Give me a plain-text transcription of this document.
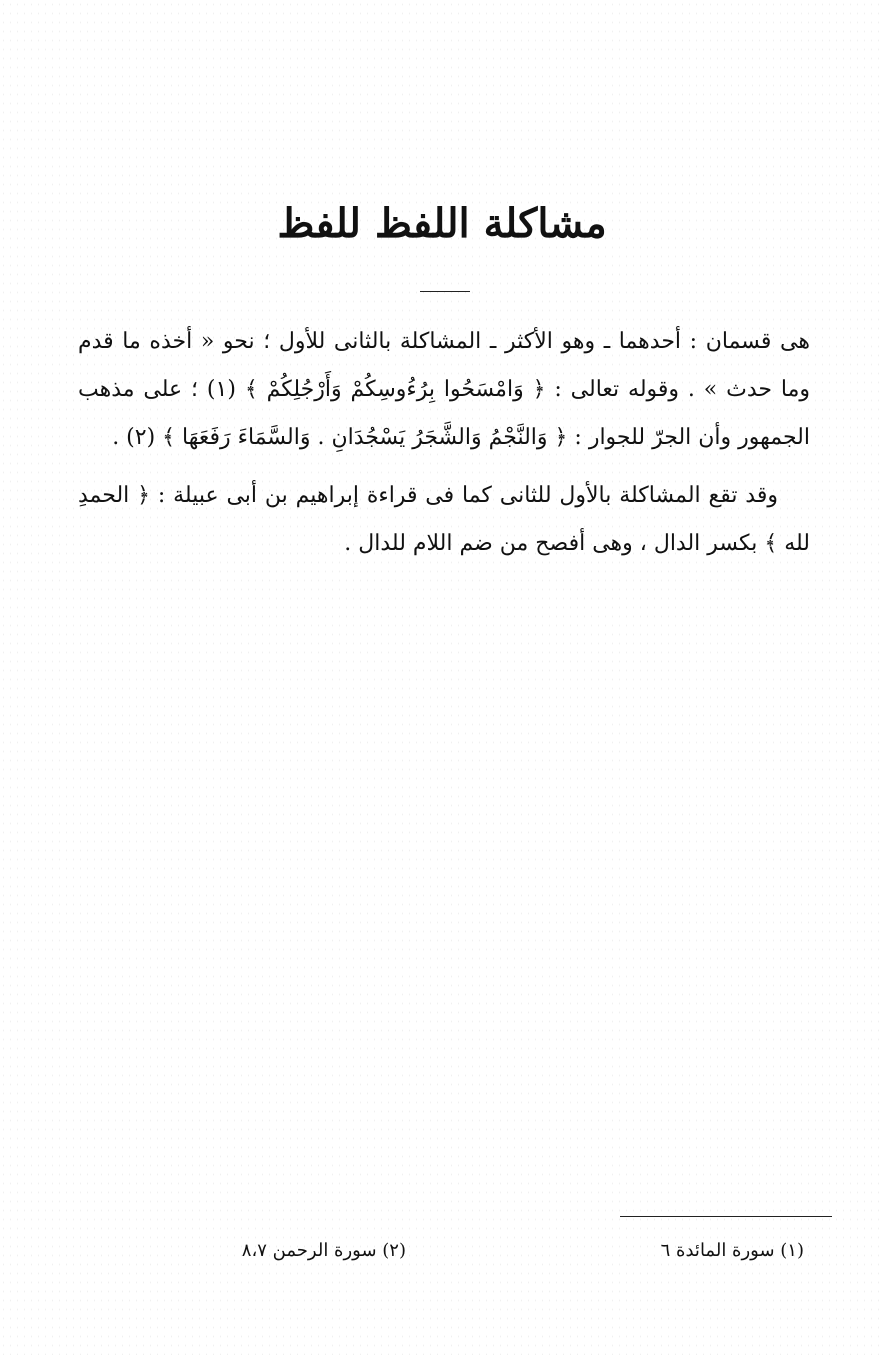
مشاكلة اللفظ للفظ

هى قسمان : أحدهما ـ وهو الأكثر ـ المشاكلة بالثانى للأول ؛ نحو « أخذه ما قدم وما حدث » . وقوله تعالى : ﴿ وَامْسَحُوا بِرُءُوسِكُمْ وَأَرْجُلِكُمْ ﴾ (١) ؛ على مذهب الجمهور وأن الجرّ للجوار : ﴿ وَالنَّجْمُ وَالشَّجَرُ يَسْجُدَانِ . وَالسَّمَاءَ رَفَعَهَا ﴾ (٢) .

وقد تقع المشاكلة بالأول للثانى كما فى قراءة إبراهيم بن أبى عبيلة : ﴿ الحمدِ لله ﴾ بكسر الدال ، وهى أفصح من ضم اللام للدال .

(١) سورة المائدة ٦
(٢) سورة الرحمن ٨،٧
